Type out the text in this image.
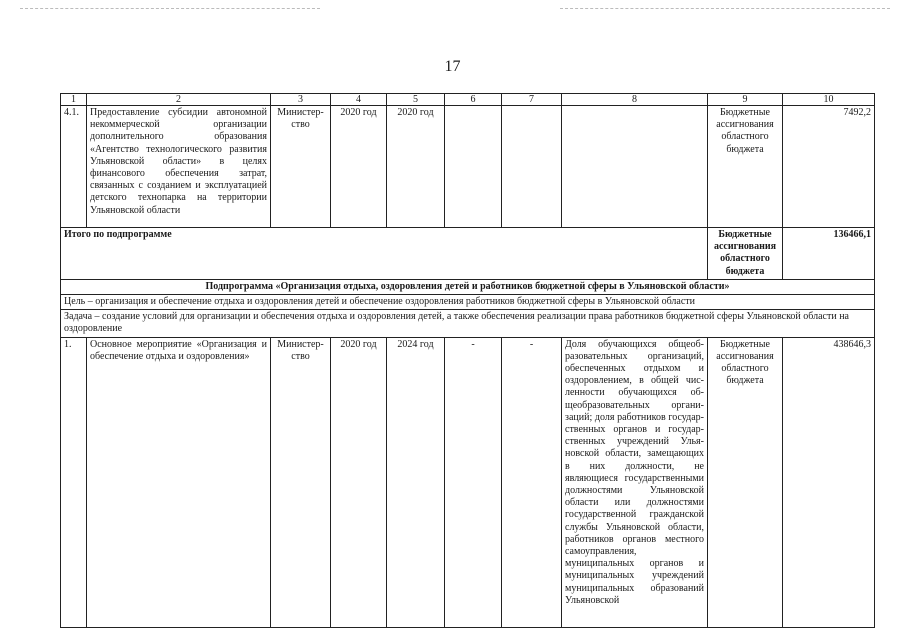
17
1	2	3	4	5	6	7	8	9	10
4.1.	Предоставление субсидии автономной некоммерческой организации дополнительного образования «Агентство технологического развития Ульяновской области» в целях финансового обеспечения затрат, связанных с созданием и эксплуатацией детского технопарка на территории Ульяновской области	Министерство	2020 год	2020 год				Бюджетные ассигнования областного бюджета	7492,2
Итого по подпрограмме								Бюджетные ассигнования областного бюджета	136466,1
Подпрограмма «Организация отдыха, оздоровления детей и работников бюджетной сферы в Ульяновской области»									
Цель – организация и обеспечение отдыха и оздоровления детей и обеспечение оздоровления работников бюджетной сферы в Ульяновской области									
Задача – создание условий для организации и обеспечения отдыха и оздоровления детей, а также обеспечения реализации права работников бюджетной сферы Ульяновской области на оздоровление									
1.	Основное мероприятие «Организация и обеспечение отдыха и оздоровления»	Министерство	2020 год	2024 год	-	-	Доля обучающихся общеобразовательных организаций, обеспеченных отдыхом и оздоровлением, в общей численности обучающихся общеобразовательных организаций; доля работников государственных органов и государственных учреждений Ульяновской области, замещающих в них должности, не являющиеся государственными должностями Ульяновской области или должностями государственной гражданской службы Ульяновской области, работников органов местного самоуправления, муниципальных органов и муниципальных учреждений муниципальных образований Ульяновской	Бюджетные ассигнования областного бюджета	438646,3
